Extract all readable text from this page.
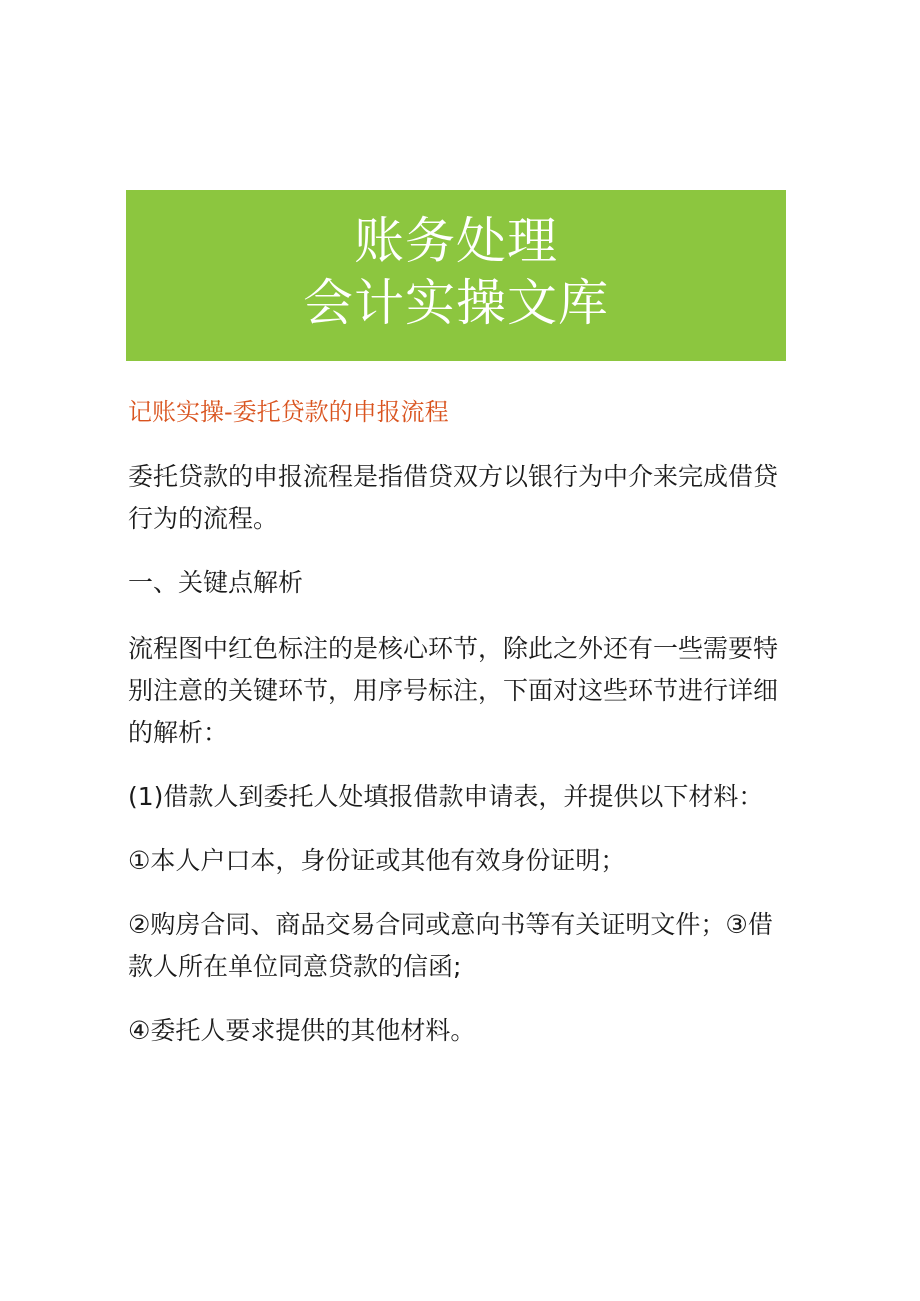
账务处理
会计实操文库
记账实操-委托贷款的申报流程

委托贷款的申报流程是指借贷双方以银行为中介来完成借贷行为的流程。

一、关键点解析

流程图中红色标注的是核心环节，除此之外还有一些需要特别注意的关键环节，用序号标注，下面对这些环节进行详细的解析：

(1)借款人到委托人处填报借款申请表，并提供以下材料：

①本人户口本，身份证或其他有效身份证明；

②购房合同、商品交易合同或意向书等有关证明文件；③借款人所在单位同意贷款的信函;

④委托人要求提供的其他材料。
